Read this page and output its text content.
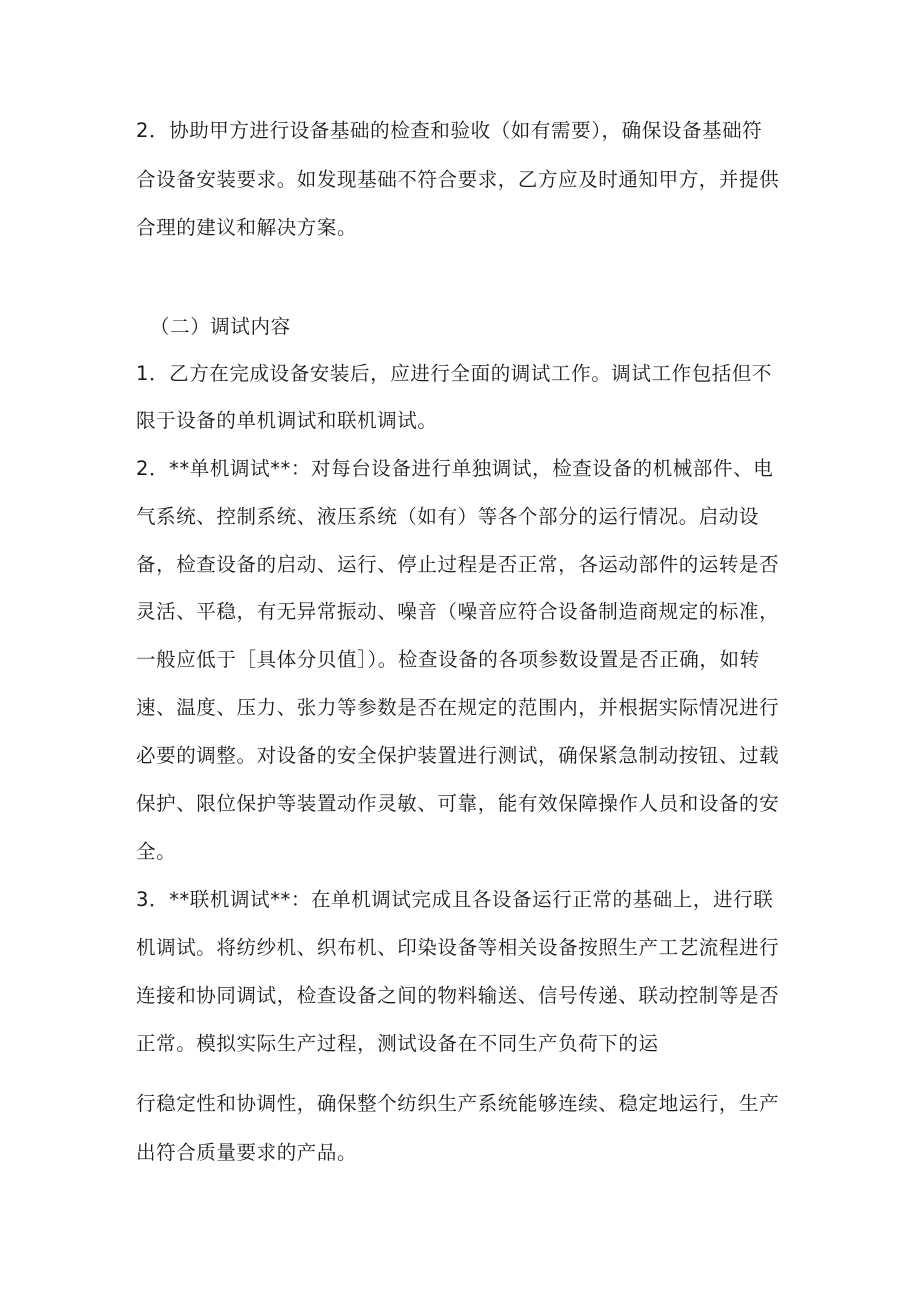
2．协助甲方进行设备基础的检查和验收（如有需要），确保设备基础符
合设备安装要求。如发现基础不符合要求，乙方应及时通知甲方，并提供
合理的建议和解决方案。
（二）调试内容
1．乙方在完成设备安装后，应进行全面的调试工作。调试工作包括但不
限于设备的单机调试和联机调试。
2．**单机调试**：对每台设备进行单独调试，检查设备的机械部件、电
气系统、控制系统、液压系统（如有）等各个部分的运行情况。启动设
备，检查设备的启动、运行、停止过程是否正常，各运动部件的运转是否
灵活、平稳，有无异常振动、噪音（噪音应符合设备制造商规定的标准，
一般应低于［具体分贝值］）。检查设备的各项参数设置是否正确，如转
速、温度、压力、张力等参数是否在规定的范围内，并根据实际情况进行
必要的调整。对设备的安全保护装置进行测试，确保紧急制动按钮、过载
保护、限位保护等装置动作灵敏、可靠，能有效保障操作人员和设备的安
全。
3．**联机调试**：在单机调试完成且各设备运行正常的基础上，进行联
机调试。将纺纱机、织布机、印染设备等相关设备按照生产工艺流程进行
连接和协同调试，检查设备之间的物料输送、信号传递、联动控制等是否
正常。模拟实际生产过程，测试设备在不同生产负荷下的运
行稳定性和协调性，确保整个纺织生产系统能够连续、稳定地运行，生产
出符合质量要求的产品。
